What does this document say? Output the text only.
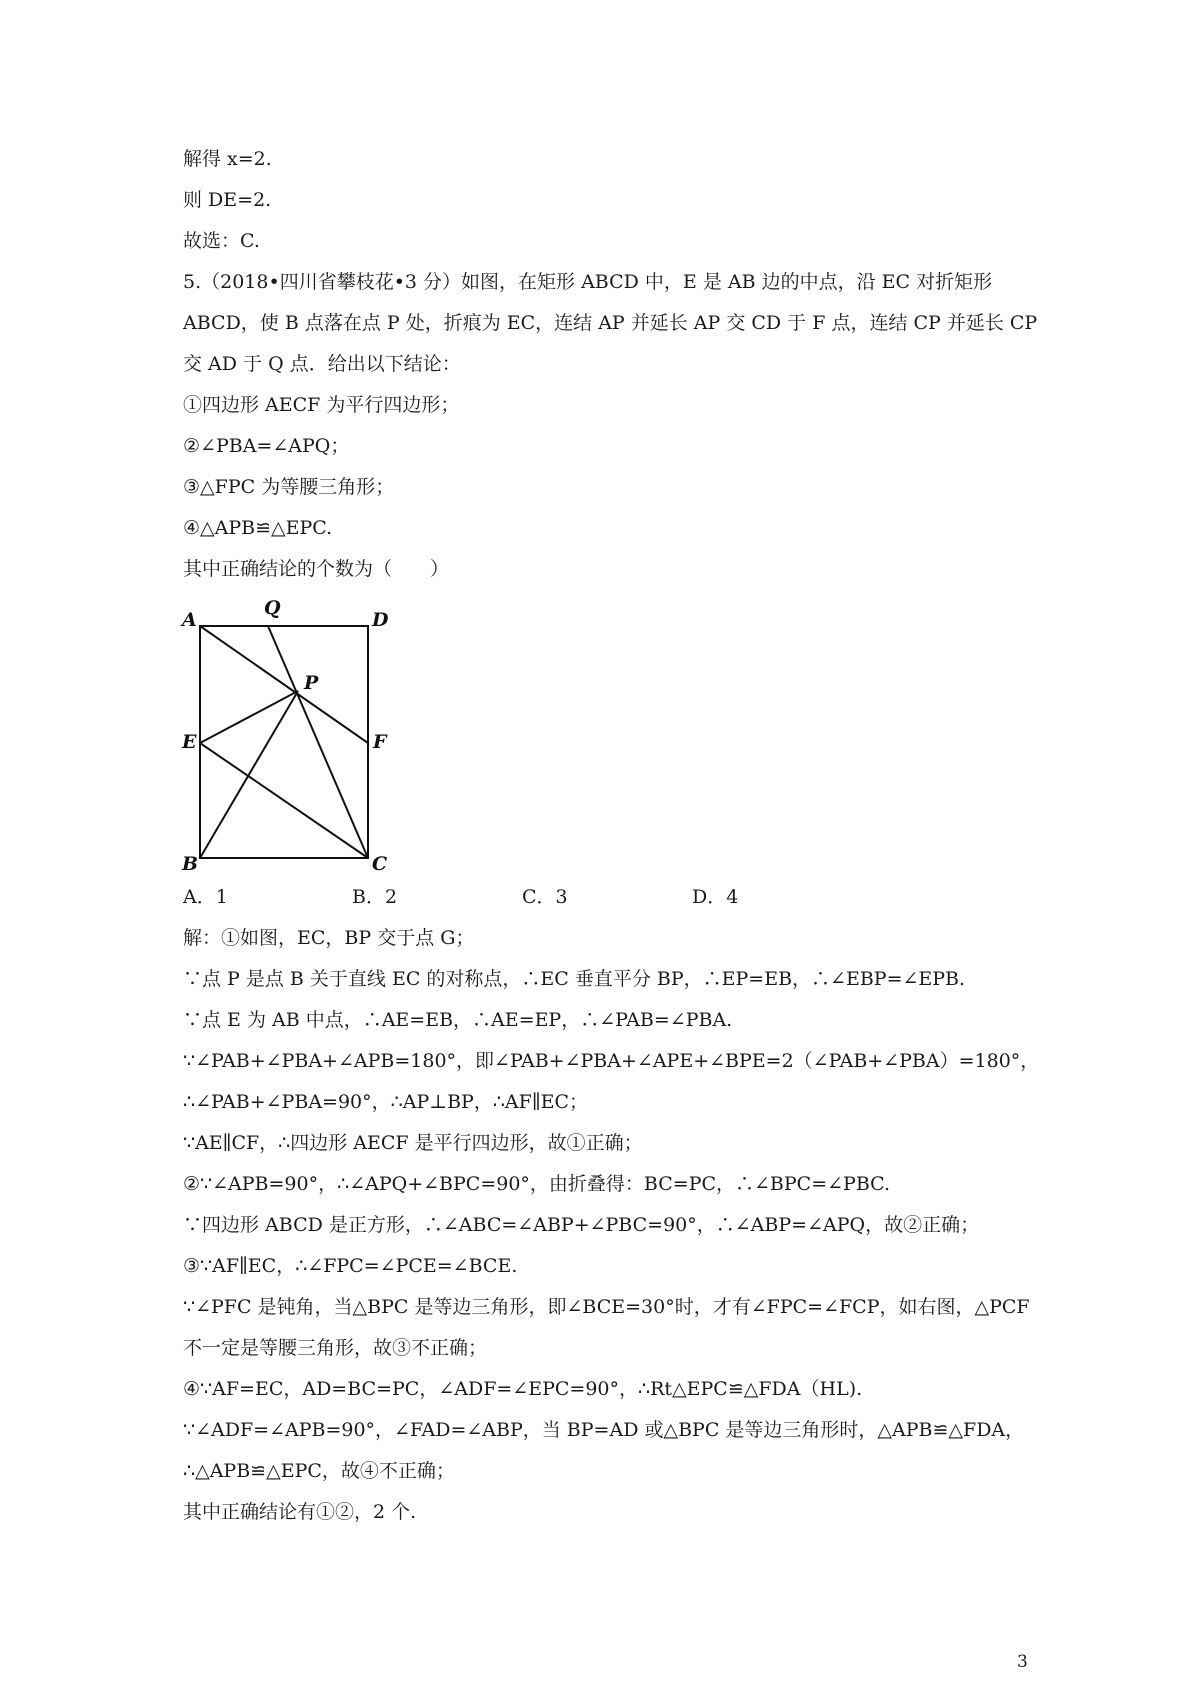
解得 x=2.
则 DE=2.
故选：C.
5.（2018•四川省攀枝花•3 分）如图，在矩形 ABCD 中，E 是 AB 边的中点，沿 EC 对折矩形
ABCD，使 B 点落在点 P 处，折痕为 EC，连结 AP 并延长 AP 交 CD 于 F 点，连结 CP 并延长 CP
交 AD 于 Q 点．给出以下结论：
①四边形 AECF 为平行四边形；
②∠PBA=∠APQ；
③△FPC 为等腰三角形；
④△APB≌△EPC.
其中正确结论的个数为（　　）
A
Q
D
P
E	F
B	C
A．1	B．2	C．3	D．4
解：①如图，EC，BP 交于点 G；
∵点 P 是点 B 关于直线 EC 的对称点，∴EC 垂直平分 BP，∴EP=EB，∴∠EBP=∠EPB.
∵点 E 为 AB 中点，∴AE=EB，∴AE=EP，∴∠PAB=∠PBA.
∵∠PAB+∠PBA+∠APB=180°，即∠PAB+∠PBA+∠APE+∠BPE=2（∠PAB+∠PBA）=180°，
∴∠PAB+∠PBA=90°，∴AP⊥BP，∴AF∥EC；
∵AE∥CF，∴四边形 AECF 是平行四边形，故①正确；
②∵∠APB=90°，∴∠APQ+∠BPC=90°，由折叠得：BC=PC，∴∠BPC=∠PBC.
∵四边形 ABCD 是正方形，∴∠ABC=∠ABP+∠PBC=90°，∴∠ABP=∠APQ，故②正确；
③∵AF∥EC，∴∠FPC=∠PCE=∠BCE.
∵∠PFC 是钝角，当△BPC 是等边三角形，即∠BCE=30°时，才有∠FPC=∠FCP，如右图，△PCF
不一定是等腰三角形，故③不正确；
④∵AF=EC，AD=BC=PC，∠ADF=∠EPC=90°，∴Rt△EPC≌△FDA（HL).
∵∠ADF=∠APB=90°，∠FAD=∠ABP，当 BP=AD 或△BPC 是等边三角形时，△APB≌△FDA，
∴△APB≌△EPC，故④不正确；
其中正确结论有①②，2 个.
3
